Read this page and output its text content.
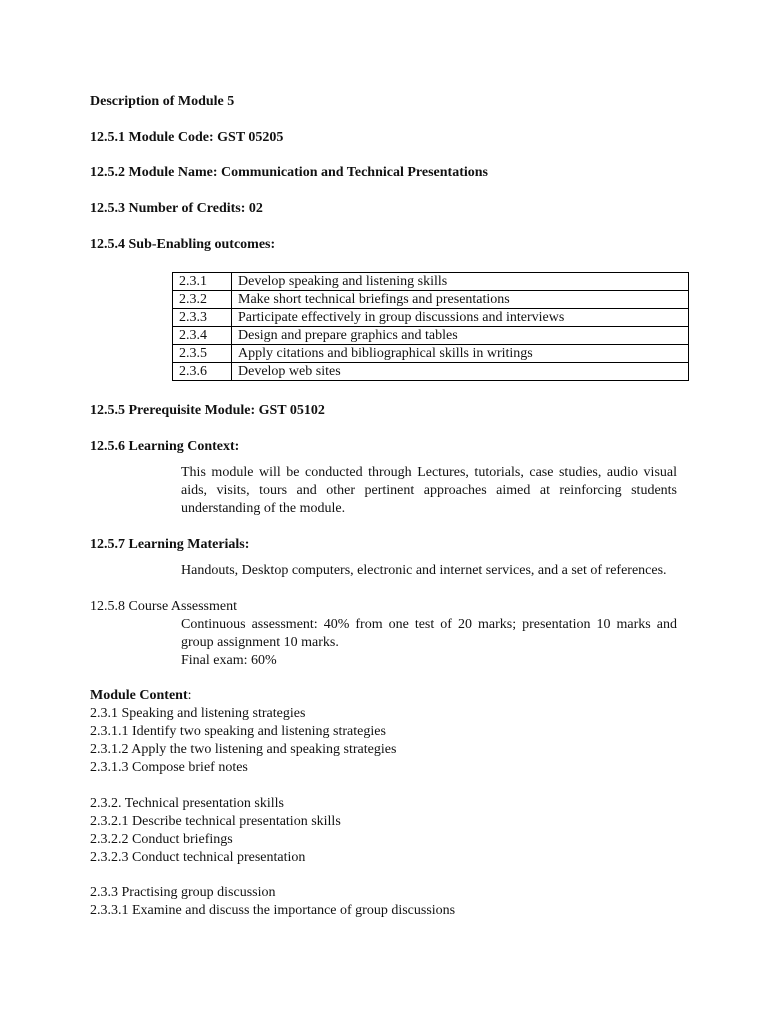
Description of Module 5
12.5.1 Module Code: GST 05205
12.5.2 Module Name: Communication and Technical Presentations
12.5.3 Number of Credits: 02
12.5.4 Sub-Enabling outcomes:
2.3.1	Develop speaking and listening skills
2.3.2	Make short technical briefings and presentations
2.3.3	Participate effectively in group discussions and interviews
2.3.4	Design and prepare graphics and tables
2.3.5	Apply citations and bibliographical skills in writings
2.3.6	Develop web sites
12.5.5 Prerequisite Module: GST 05102
12.5.6 Learning Context:
This module will be conducted through Lectures, tutorials, case studies, audio visual aids, visits, tours and other pertinent approaches aimed at reinforcing students understanding of the module.
12.5.7 Learning Materials:
Handouts, Desktop computers, electronic and internet services, and a set of references.
12.5.8 Course Assessment
Continuous assessment: 40% from one test of 20 marks; presentation 10 marks and group assignment 10 marks.
Final exam: 60%
Module Content:
2.3.1 Speaking and listening strategies
2.3.1.1 Identify two speaking and listening strategies
2.3.1.2 Apply the two listening and speaking strategies
2.3.1.3 Compose brief notes
2.3.2. Technical presentation skills
2.3.2.1 Describe technical presentation skills
2.3.2.2 Conduct briefings
2.3.2.3 Conduct technical presentation
2.3.3 Practising group discussion
2.3.3.1 Examine and discuss the importance of group discussions
